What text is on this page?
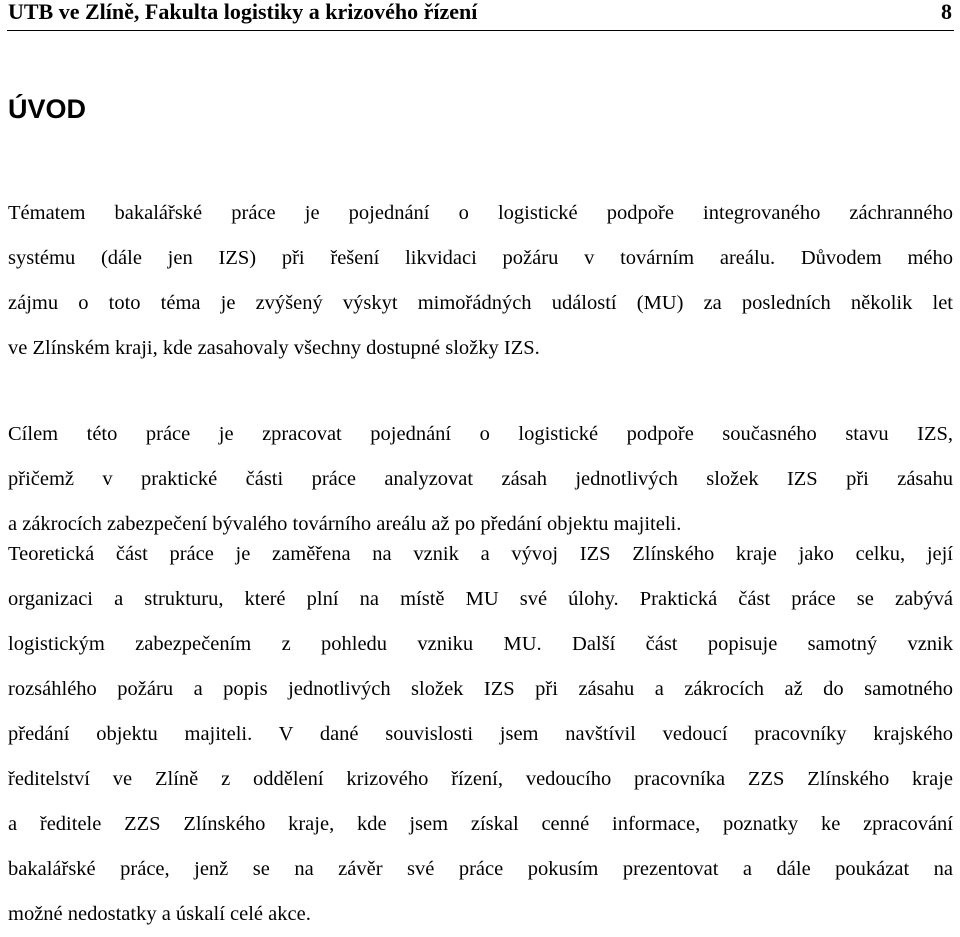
UTB ve Zlíně, Fakulta logistiky a krizového řízení	8
ÚVOD
Tématem bakalářské práce je pojednání o logistické podpoře integrovaného záchranného
systému (dále jen IZS) při řešení likvidaci požáru v továrním areálu. Důvodem mého
zájmu o toto téma je zvýšený výskyt mimořádných událostí (MU) za posledních několik let
ve Zlínském kraji, kde zasahovaly všechny dostupné složky IZS.
Cílem této práce je zpracovat pojednání o logistické podpoře současného stavu IZS,
přičemž v praktické části práce analyzovat zásah jednotlivých složek IZS při zásahu
a zákrocích zabezpečení bývalého továrního areálu až po předání objektu majiteli.
Teoretická část práce je zaměřena na vznik a vývoj IZS Zlínského kraje jako celku, její
organizaci a strukturu, které plní na místě MU své úlohy. Praktická část práce se zabývá
logistickým zabezpečením z pohledu vzniku MU. Další část popisuje samotný vznik
rozsáhlého požáru a popis jednotlivých složek IZS při zásahu a zákrocích až do samotného
předání objektu majiteli. V dané souvislosti jsem navštívil vedoucí pracovníky krajského
ředitelství ve Zlíně z oddělení krizového řízení, vedoucího pracovníka ZZS Zlínského kraje
a ředitele ZZS Zlínského kraje, kde jsem získal cenné informace, poznatky ke zpracování
bakalářské práce, jenž se na závěr své práce pokusím prezentovat a dále poukázat na
možné nedostatky a úskalí celé akce.
